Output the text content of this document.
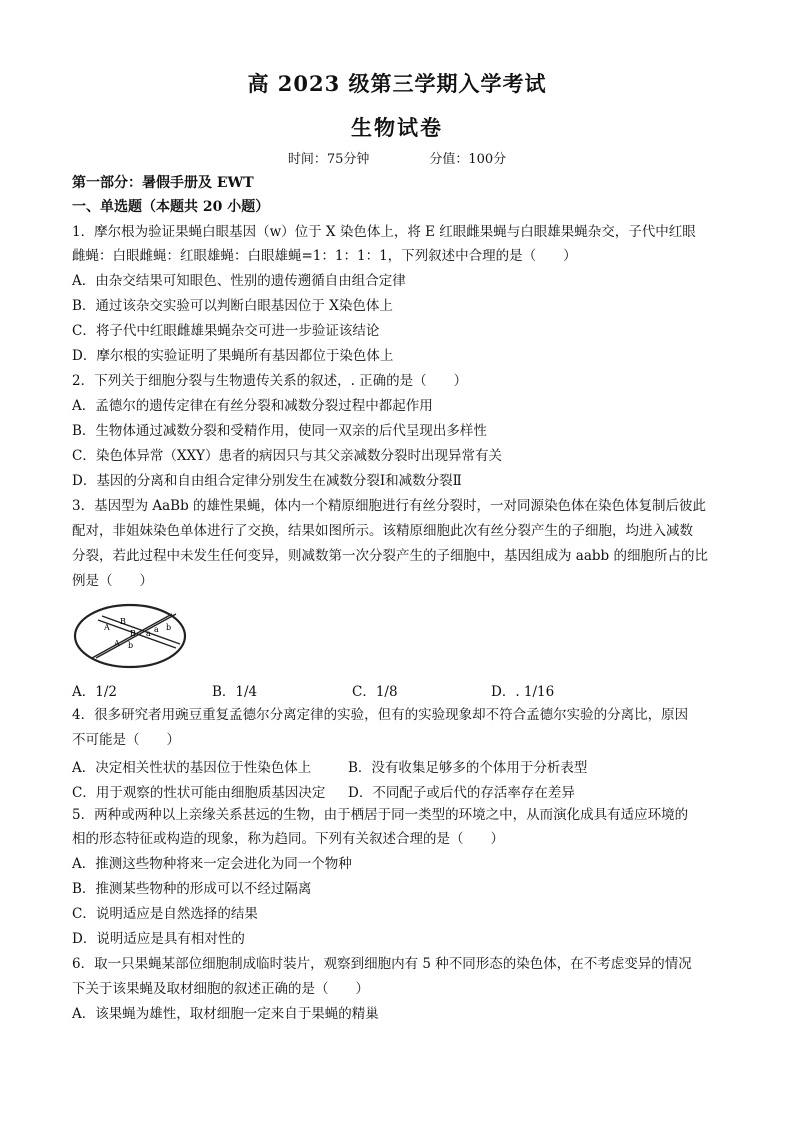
高 2023 级第三学期入学考试
生物试卷
时间：75分钟	分值：100分
第一部分：暑假手册及 EWT
一、单选题（本题共 20 小题）
1．摩尔根为验证果蝇白眼基因（w）位于 X 染色体上，将 E 红眼雌果蝇与白眼雄果蝇杂交，子代中红眼
雌蝇：白眼雌蝇：红眼雄蝇：白眼雄蝇=1：1：1：1，下列叙述中合理的是（　　）
A．由杂交结果可知眼色、性别的遗传遡循自由组合定律
B．通过该杂交实验可以判断白眼基因位于 X染色体上
C．将子代中红眼雌雄果蝇杂交可进一步验证该结论
D．摩尔根的实验证明了果蝇所有基因都位于染色体上
2．下列关于细胞分裂与生物遗传关系的叙述，. 正确的是（　　）
A．孟德尔的遗传定律在有丝分裂和减数分裂过程中都起作用
B．生物体通过减数分裂和受精作用，使同一双亲的后代呈现出多样性
C．染色体异常（XXY）患者的病因只与其父亲减数分裂时出现异常有关
D．基因的分离和自由组合定律分别发生在减数分裂Ⅰ和减数分裂Ⅱ
3．基因型为 AaBb 的雄性果蝇，体内一个精原细胞进行有丝分裂时，一对同源染色体在染色体复制后彼此
配对，非姐妹染色单体进行了交换，结果如图所示。该精原细胞此次有丝分裂产生的子细胞，均进入减数
分裂，若此过程中未发生任何变异，则减数第一次分裂产生的子细胞中，基因组成为 aabb 的细胞所占的比
例是（　　）
A
B
a b
B a
A b
A．1/2	B．1/4	C．1/8	D．. 1/16
4．很多研究者用豌豆重复孟德尔分离定律的实验，但有的实验现象却不符合孟德尔实验的分离比，原因
不可能是（　　）
A．决定相关性状的基因位于性染色体上	B．没有收集足够多的个体用于分析表型
C．用于观察的性状可能由细胞质基因决定 D．不同配子或后代的存活率存在差异
5．两种或两种以上亲缘关系甚远的生物，由于栖居于同一类型的环境之中，从而演化成具有适应环境的
相的形态特征或构造的现象，称为趋同。下列有关叙述合理的是（　　）
A．推测这些物种将来一定会进化为同一个物种
B．推测某些物种的形成可以不经过隔离
C．说明适应是自然选择的结果
D．说明适应是具有相对性的
6．取一只果蝇某部位细胞制成临时装片，观察到细胞内有 5 种不同形态的染色体，在不考虑变异的情况
下关于该果蝇及取材细胞的叙述正确的是（　　）
A．该果蝇为雄性，取材细胞一定来自于果蝇的精巢
